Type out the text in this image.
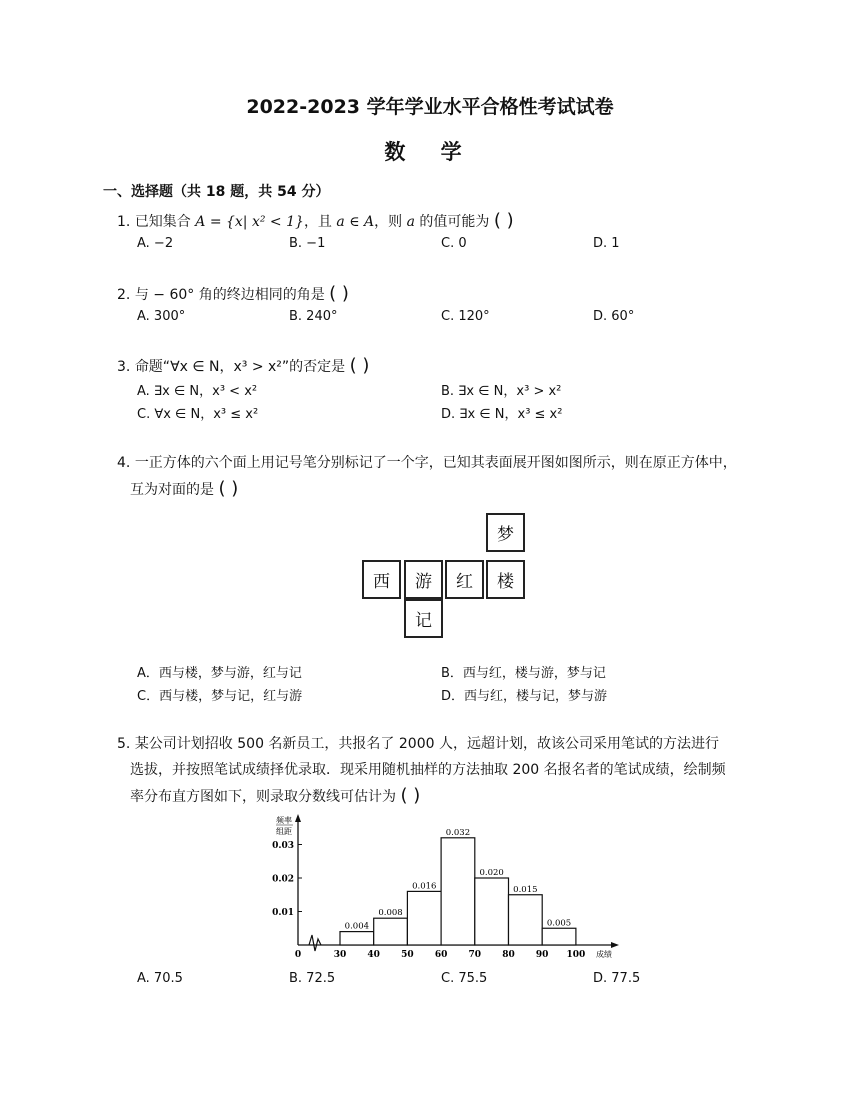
2022-2023 学年学业水平合格性考试试卷
数 学
一、选择题（共 18 题，共 54 分）
1. 已知集合 A = {x| x² < 1}，且 a ∈ A，则 a 的值可能为 ( )
A. −2	B. −1	C. 0	D. 1
2. 与 − 60° 角的终边相同的角是 ( )
A. 300°	B. 240°	C. 120°	D. 60°
3. 命题“∀x ∈ N，x³ > x²”的否定是 ( )
A. ∃x ∈ N，x³ < x²	B. ∃x ∈ N，x³ > x²
C. ∀x ∈ N，x³ ≤ x²	D. ∃x ∈ N，x³ ≤ x²
4. 一正方体的六个面上用记号笔分别标记了一个字，已知其表面展开图如图所示，则在原正方体中，
互为对面的是 ( )
梦
西	游	红	楼
记
A．西与楼，梦与游，红与记	B．西与红，楼与游，梦与记
C．西与楼，梦与记，红与游	D．西与红，楼与记，梦与游
5. 某公司计划招收 500 名新员工，共报名了 2000 人，远超计划，故该公司采用笔试的方法进行
选拔，并按照笔试成绩择优录取．现采用随机抽样的方法抽取 200 名报名者的笔试成绩，绘制频
率分布直方图如下，则录取分数线可估计为 ( )
频率
组距
0.01
0.02
0.03
0.004
0.008
0.016
0.032
0.020
0.015
0.005
0	30 40 50 60 70 80 90 100 成绩
A. 70.5	B. 72.5	C. 75.5	D. 77.5
